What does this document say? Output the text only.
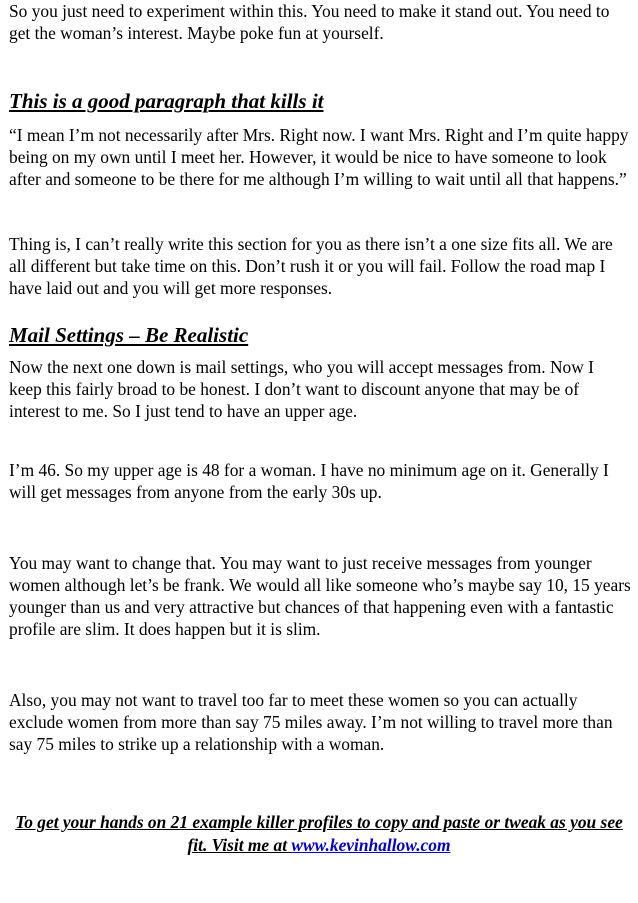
So you just need to experiment within this. You need to make it stand out. You need to get the woman’s interest. Maybe poke fun at yourself.

This is a good paragraph that kills it

“I mean I’m not necessarily after Mrs. Right now. I want Mrs. Right and I’m quite happy being on my own until I meet her. However, it would be nice to have someone to look after and someone to be there for me although I’m willing to wait until all that happens.”

Thing is, I can’t really write this section for you as there isn’t a one size fits all. We are all different but take time on this. Don’t rush it or you will fail. Follow the road map I have laid out and you will get more responses.

Mail Settings – Be Realistic

Now the next one down is mail settings, who you will accept messages from. Now I keep this fairly broad to be honest. I don’t want to discount anyone that may be of interest to me. So I just tend to have an upper age.

I’m 46. So my upper age is 48 for a woman. I have no minimum age on it. Generally I will get messages from anyone from the early 30s up.

You may want to change that. You may want to just receive messages from younger women although let’s be frank. We would all like someone who’s maybe say 10, 15 years younger than us and very attractive but chances of that happening even with a fantastic profile are slim. It does happen but it is slim.

Also, you may not want to travel too far to meet these women so you can actually exclude women from more than say 75 miles away. I’m not willing to travel more than say 75 miles to strike up a relationship with a woman.

To get your hands on 21 example killer profiles to copy and paste or tweak as you see fit. Visit me at www.kevinhallow.com
